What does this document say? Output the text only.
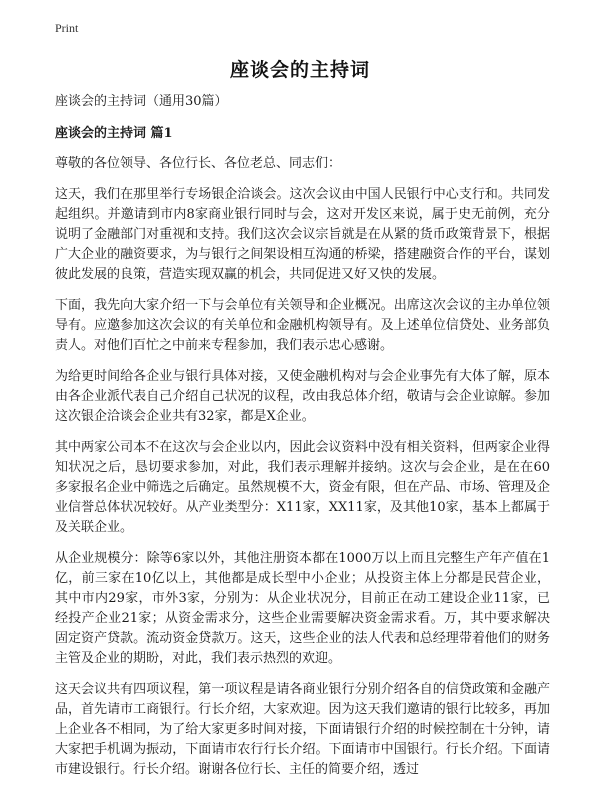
Print
座谈会的主持词

座谈会的主持词（通用30篇）

座谈会的主持词 篇1

尊敬的各位领导、各位行长、各位老总、同志们：

这天，我们在那里举行专场银企洽谈会。这次会议由中国人民银行中心支行和。共同发起组织。并邀请到市内8家商业银行同时与会，这对开发区来说，属于史无前例，充分说明了金融部门对重视和支持。我们这次会议宗旨就是在从紧的货币政策背景下，根据广大企业的融资要求，为与银行之间架设相互沟通的桥梁，搭建融资合作的平台，谋划彼此发展的良策，营造实现双赢的机会，共同促进又好又快的发展。

下面，我先向大家介绍一下与会单位有关领导和企业概况。出席这次会议的主办单位领导有。应邀参加这次会议的有关单位和金融机构领导有。及上述单位信贷处、业务部负责人。对他们百忙之中前来专程参加，我们表示忠心感谢。

为给更时间给各企业与银行具体对接，又使金融机构对与会企业事先有大体了解，原本由各企业派代表自己介绍自己状况的议程，改由我总体介绍，敬请与会企业谅解。参加这次银企洽谈会企业共有32家，都是X企业。

其中两家公司本不在这次与会企业以内，因此会议资料中没有相关资料，但两家企业得知状况之后，恳切要求参加，对此，我们表示理解并接纳。这次与会企业，是在在60多家报名企业中筛选之后确定。虽然规模不大，资金有限，但在产品、市场、管理及企业信誉总体状况较好。从产业类型分：X11家，XX11家，及其他10家，基本上都属于及关联企业。

从企业规模分：除等6家以外，其他注册资本都在1000万以上而且完整生产年产值在1亿，前三家在10亿以上，其他都是成长型中小企业；从投资主体上分都是民营企业，其中市内29家，市外3家，分别为：从企业状况分，目前正在动工建设企业11家，已经投产企业21家；从资金需求分，这些企业需要解决资金需求看。万，其中要求解决固定资产贷款。流动资金贷款万。这天，这些企业的法人代表和总经理带着他们的财务主管及企业的期盼，对此，我们表示热烈的欢迎。

这天会议共有四项议程，第一项议程是请各商业银行分别介绍各自的信贷政策和金融产品，首先请市工商银行。行长介绍，大家欢迎。因为这天我们邀请的银行比较多，再加上企业各不相同，为了给大家更多时间对接，下面请银行介绍的时候控制在十分钟，请大家把手机调为振动，下面请市农行行长介绍。下面请市中国银行。行长介绍。下面请市建设银行。行长介绍。谢谢各位行长、主任的简要介绍，透过
